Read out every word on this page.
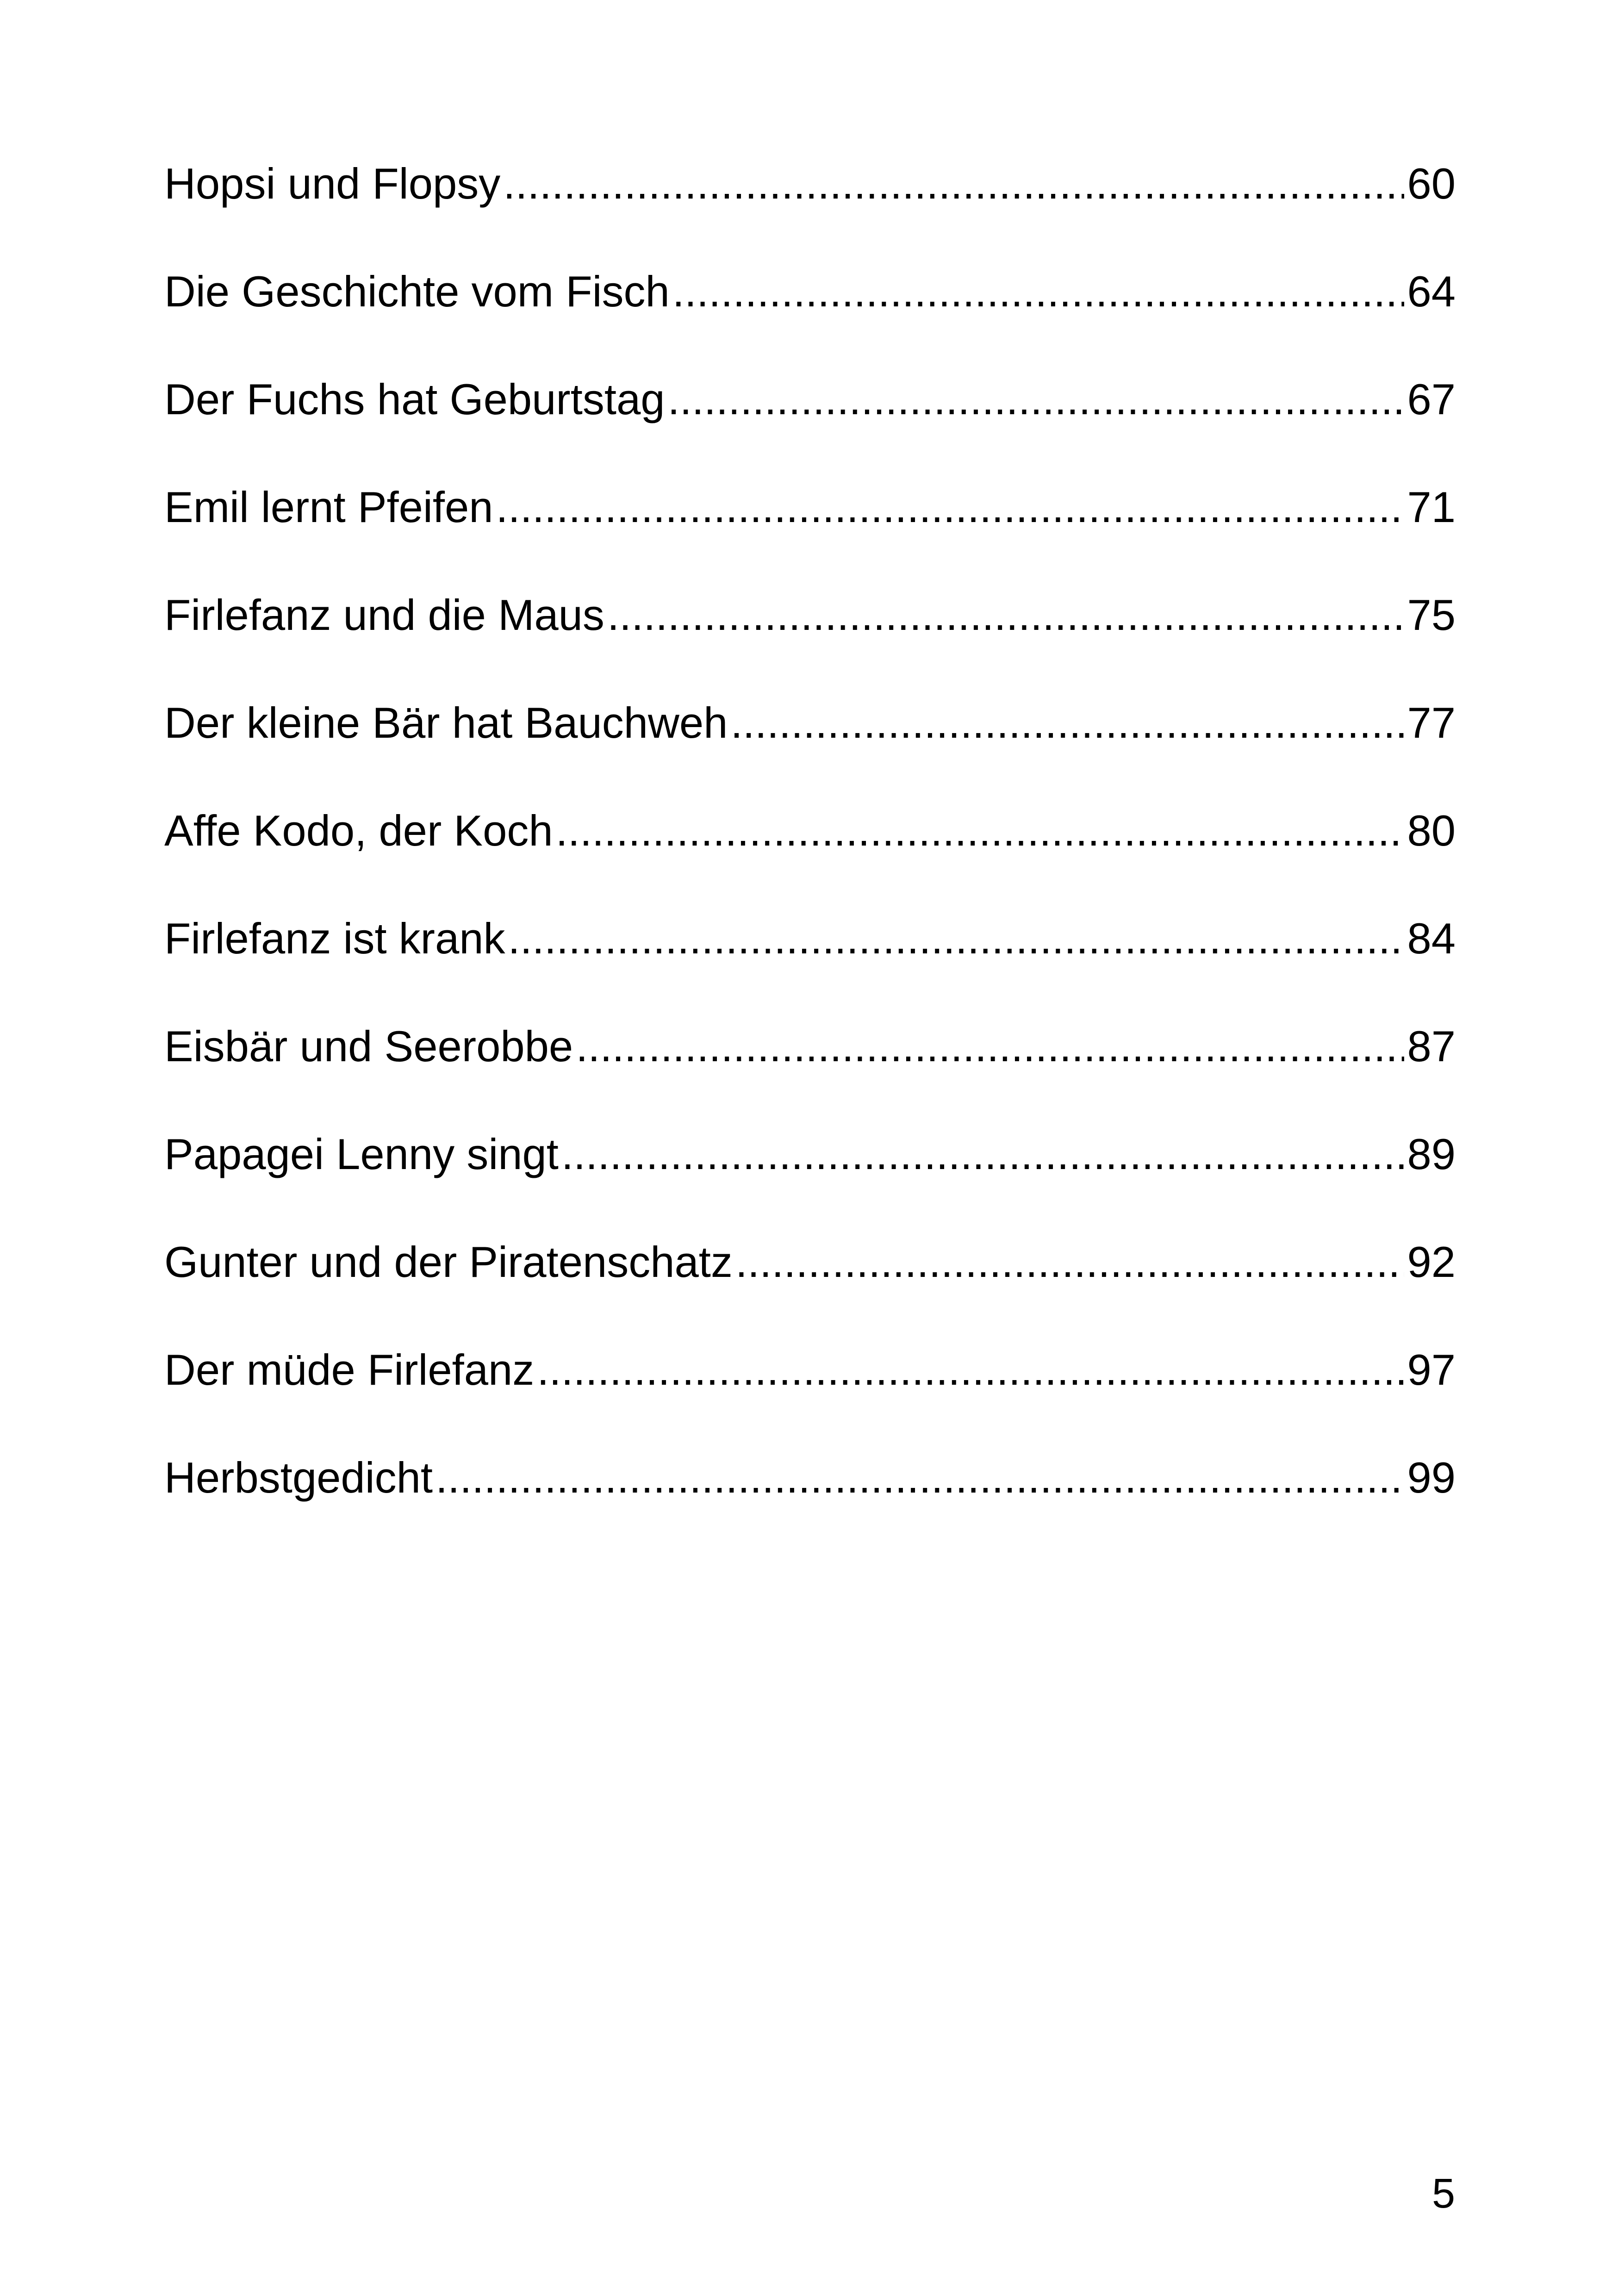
Hopsi und Flopsy .....	60
Die Geschichte vom Fisch .....	64
Der Fuchs hat Geburtstag .....	67
Emil lernt Pfeifen .....	71
Firlefanz und die Maus .....	75
Der kleine Bär hat Bauchweh .....	77
Affe Kodo, der Koch .....	80
Firlefanz ist krank .....	84
Eisbär und Seerobbe .....	87
Papagei Lenny singt .....	89
Gunter und der Piratenschatz .....	92
Der müde Firlefanz .....	97
Herbstgedicht .....	99
5
